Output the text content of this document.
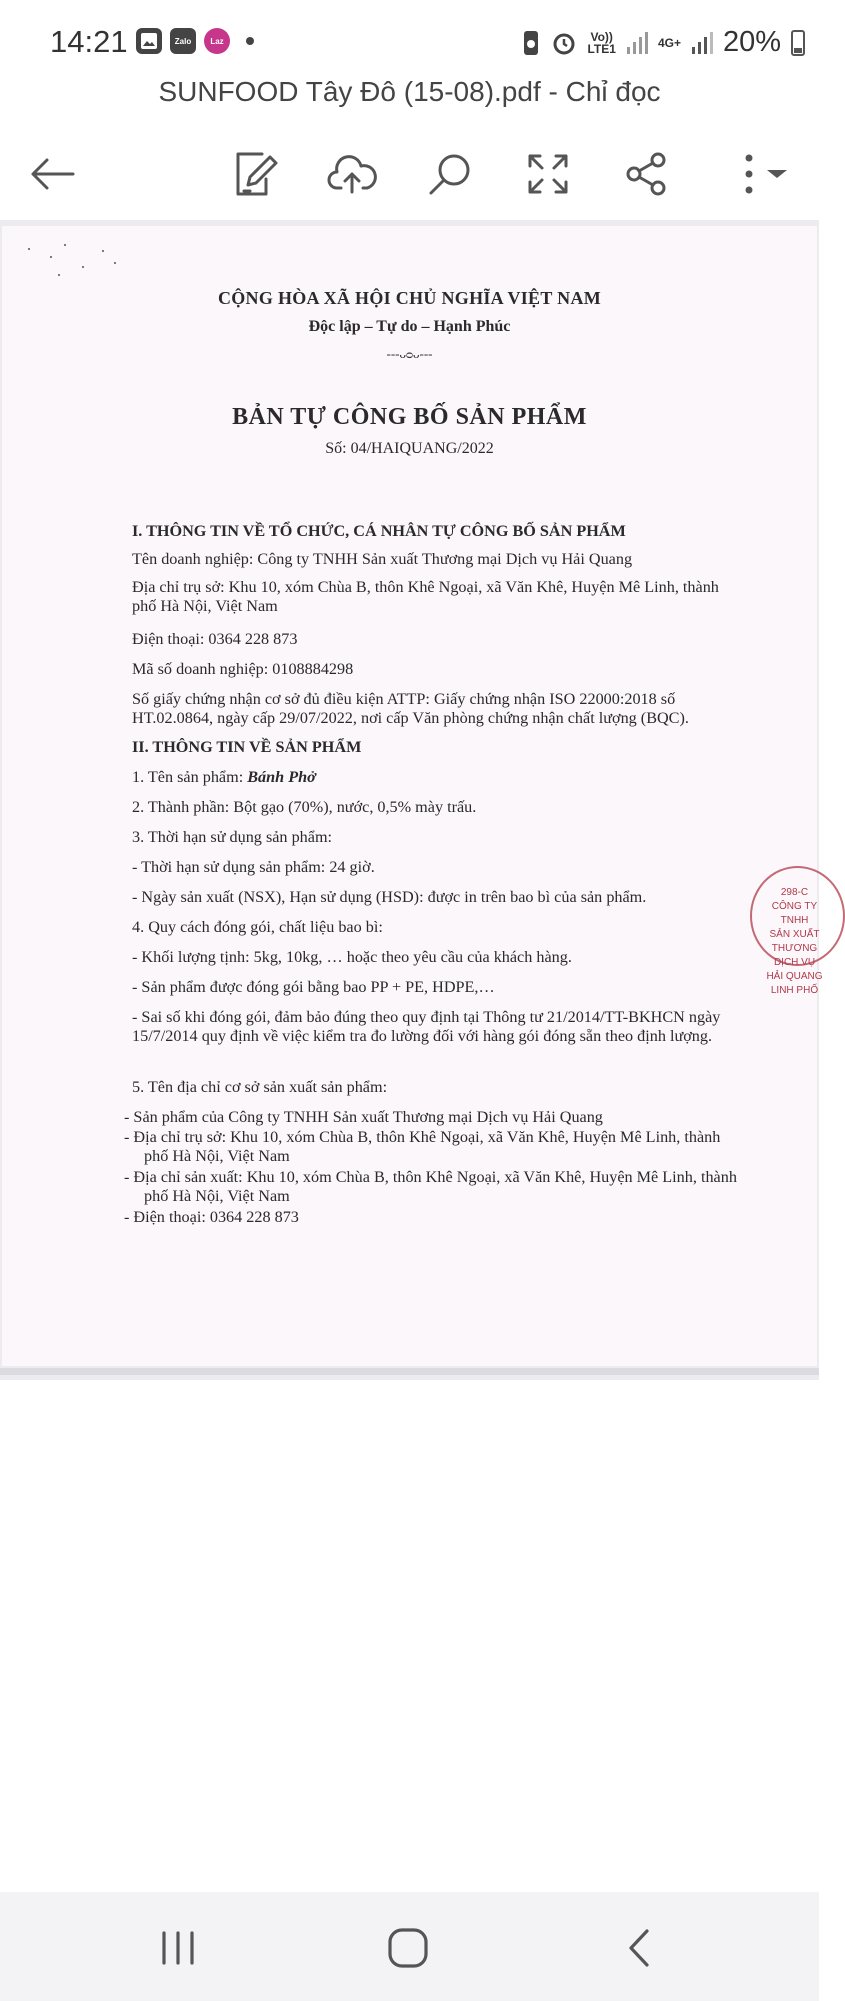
14:21	Zalo	Laz	Vo))
LTE1	4G+ 20%
SUNFOOD Tây Đô (15-08).pdf - Chỉ đọc
CỘNG HÒA XÃ HỘI CHỦ NGHĨA VIỆT NAM
Độc lập – Tự do – Hạnh Phúc
---ᴗᴑᴗ---
BẢN TỰ CÔNG BỐ SẢN PHẨM
Số: 04/HAIQUANG/2022
I. THÔNG TIN VỀ TỔ CHỨC, CÁ NHÂN TỰ CÔNG BỐ SẢN PHẨM
Tên doanh nghiệp: Công ty TNHH Sản xuất Thương mại Dịch vụ Hải Quang
Địa chỉ trụ sở: Khu 10, xóm Chùa B, thôn Khê Ngoại, xã Văn Khê, Huyện Mê Linh, thành phố Hà Nội, Việt Nam
Điện thoại: 0364 228 873
Mã số doanh nghiệp: 0108884298
Số giấy chứng nhận cơ sở đủ điều kiện ATTP: Giấy chứng nhận ISO 22000:2018 số HT.02.0864, ngày cấp 29/07/2022, nơi cấp Văn phòng chứng nhận chất lượng (BQC).
II. THÔNG TIN VỀ SẢN PHẨM
1. Tên sản phẩm: Bánh Phở
2. Thành phần: Bột gạo (70%), nước, 0,5% mày trấu.
3. Thời hạn sử dụng sản phẩm:
- Thời hạn sử dụng sản phẩm: 24 giờ.
- Ngày sản xuất (NSX), Hạn sử dụng (HSD): được in trên bao bì của sản phẩm.
4. Quy cách đóng gói, chất liệu bao bì:
- Khối lượng tịnh: 5kg, 10kg, … hoặc theo yêu cầu của khách hàng.
- Sản phẩm được đóng gói bằng bao PP + PE, HDPE,…
- Sai số khi đóng gói, đảm bảo đúng theo quy định tại Thông tư 21/2014/TT-BKHCN ngày 15/7/2014 quy định về việc kiểm tra đo lường đối với hàng gói đóng sẵn theo định lượng.
5. Tên địa chỉ cơ sở sản xuất sản phẩm:
- Sản phẩm của Công ty TNHH Sản xuất Thương mại Dịch vụ Hải Quang
- Địa chỉ trụ sở: Khu 10, xóm Chùa B, thôn Khê Ngoại, xã Văn Khê, Huyện Mê Linh, thành phố Hà Nội, Việt Nam
- Địa chỉ sản xuất: Khu 10, xóm Chùa B, thôn Khê Ngoại, xã Văn Khê, Huyện Mê Linh, thành phố Hà Nội, Việt Nam
- Điện thoại: 0364 228 873
298-C
CÔNG TY
TNHH
SẢN XUẤT THƯƠNG
DỊCH VỤ
HẢI QUANG
LINH PHỐ
